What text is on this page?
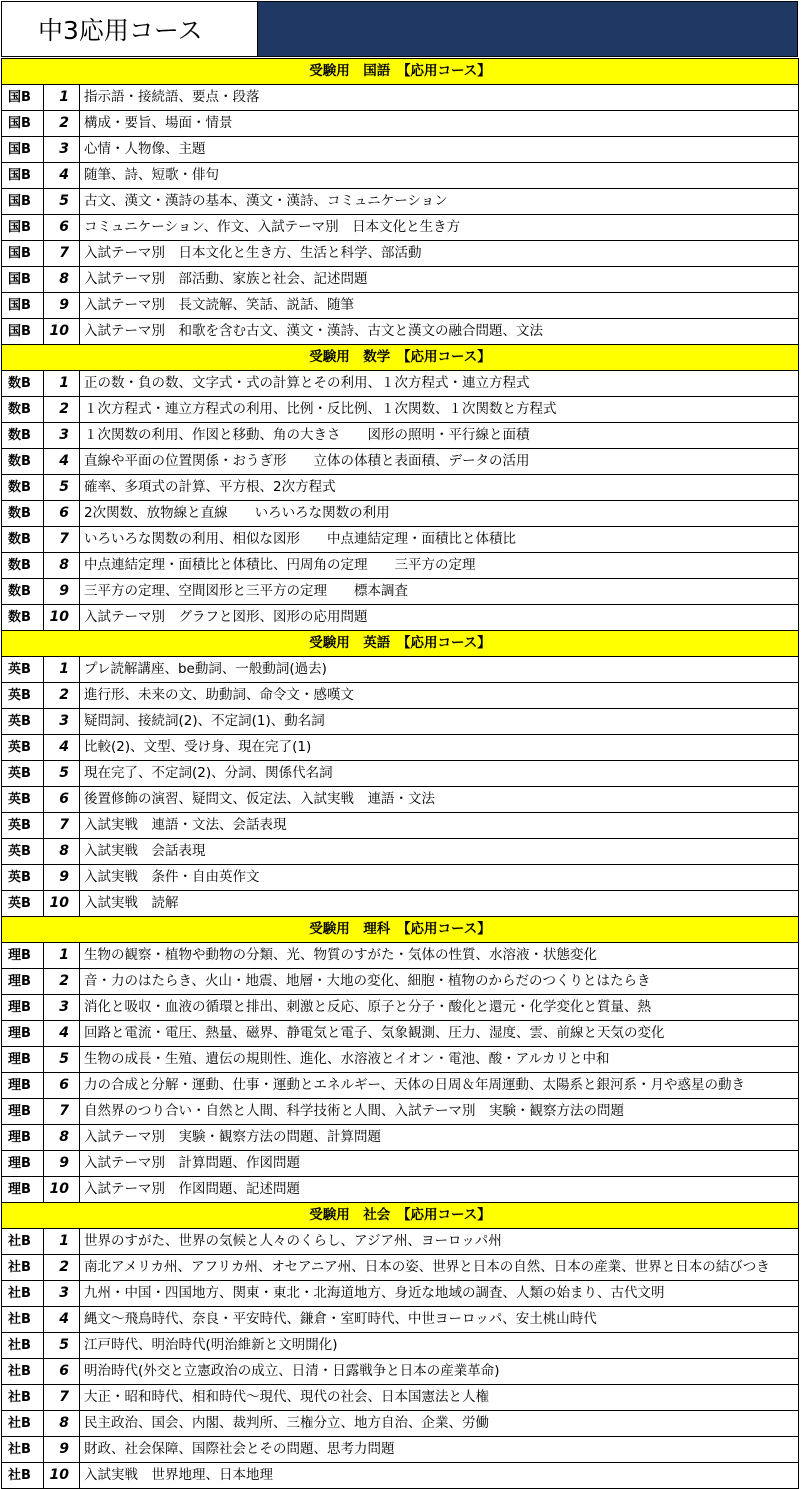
中3応用コース
受験用　国語　【応用コース】		
国B	1	指示語・接続語、要点・段落
国B	2	構成・要旨、場面・情景
国B	3	心情・人物像、主題
国B	4	随筆、詩、短歌・俳句
国B	5	古文、漢文・漢詩の基本、漢文・漢詩、コミュニケーション
国B	6	コミュニケーション、作文、入試テーマ別　日本文化と生き方
国B	7	入試テーマ別　日本文化と生き方、生活と科学、部活動
国B	8	入試テーマ別　部活動、家族と社会、記述問題
国B	9	入試テーマ別　長文読解、笑話、説話、随筆
国B	10	入試テーマ別　和歌を含む古文、漢文・漢詩、古文と漢文の融合問題、文法
受験用　数学　【応用コース】		
数B	1	正の数・負の数、文字式・式の計算とその利用、１次方程式・連立方程式
数B	2	１次方程式・連立方程式の利用、比例・反比例、１次関数、１次関数と方程式
数B	3	１次関数の利用、作図と移動、角の大きさ　　図形の照明・平行線と面積
数B	4	直線や平面の位置関係・おうぎ形　　立体の体積と表面積、データの活用
数B	5	確率、多項式の計算、平方根、2次方程式
数B	6	2次関数、放物線と直線　　いろいろな関数の利用
数B	7	いろいろな関数の利用、相似な図形　　中点連結定理・面積比と体積比
数B	8	中点連結定理・面積比と体積比、円周角の定理　　三平方の定理
数B	9	三平方の定理、空間図形と三平方の定理　　標本調査
数B	10	入試テーマ別　グラフと図形、図形の応用問題
受験用　英語　【応用コース】		
英B	1	プレ読解講座、be動詞、一般動詞(過去)
英B	2	進行形、未来の文、助動詞、命令文・感嘆文
英B	3	疑問詞、接続詞(2)、不定詞(1)、動名詞
英B	4	比較(2)、文型、受け身、現在完了(1)
英B	5	現在完了、不定詞(2)、分詞、関係代名詞
英B	6	後置修飾の演習、疑問文、仮定法、入試実戦　連語・文法
英B	7	入試実戦　連語・文法、会話表現
英B	8	入試実戦　会話表現
英B	9	入試実戦　条件・自由英作文
英B	10	入試実戦　読解
受験用　理科　【応用コース】		
理B	1	生物の観察・植物や動物の分類、光、物質のすがた・気体の性質、水溶液・状態変化
理B	2	音・力のはたらき、火山・地震、地層・大地の変化、細胞・植物のからだのつくりとはたらき
理B	3	消化と吸収・血液の循環と排出、刺激と反応、原子と分子・酸化と還元・化学変化と質量、熱
理B	4	回路と電流・電圧、熱量、磁界、静電気と電子、気象観測、圧力、湿度、雲、前線と天気の変化
理B	5	生物の成長・生殖、遺伝の規則性、進化、水溶液とイオン・電池、酸・アルカリと中和
理B	6	力の合成と分解・運動、仕事・運動とエネルギー、天体の日周＆年周運動、太陽系と銀河系・月や惑星の動き
理B	7	自然界のつり合い・自然と人間、科学技術と人間、入試テーマ別　実験・観察方法の問題
理B	8	入試テーマ別　実験・観察方法の問題、計算問題
理B	9	入試テーマ別　計算問題、作図問題
理B	10	入試テーマ別　作図問題、記述問題
受験用　社会　【応用コース】		
社B	1	世界のすがた、世界の気候と人々のくらし、アジア州、ヨーロッパ州
社B	2	南北アメリカ州、アフリカ州、オセアニア州、日本の姿、世界と日本の自然、日本の産業、世界と日本の結びつき
社B	3	九州・中国・四国地方、関東・東北・北海道地方、身近な地域の調査、人類の始まり、古代文明
社B	4	縄文～飛鳥時代、奈良・平安時代、鎌倉・室町時代、中世ヨーロッパ、安土桃山時代
社B	5	江戸時代、明治時代(明治維新と文明開化)
社B	6	明治時代(外交と立憲政治の成立、日清・日露戦争と日本の産業革命)
社B	7	大正・昭和時代、相和時代～現代、現代の社会、日本国憲法と人権
社B	8	民主政治、国会、内閣、裁判所、三権分立、地方自治、企業、労働
社B	9	財政、社会保障、国際社会とその問題、思考力問題
社B	10	入試実戦　世界地理、日本地理
